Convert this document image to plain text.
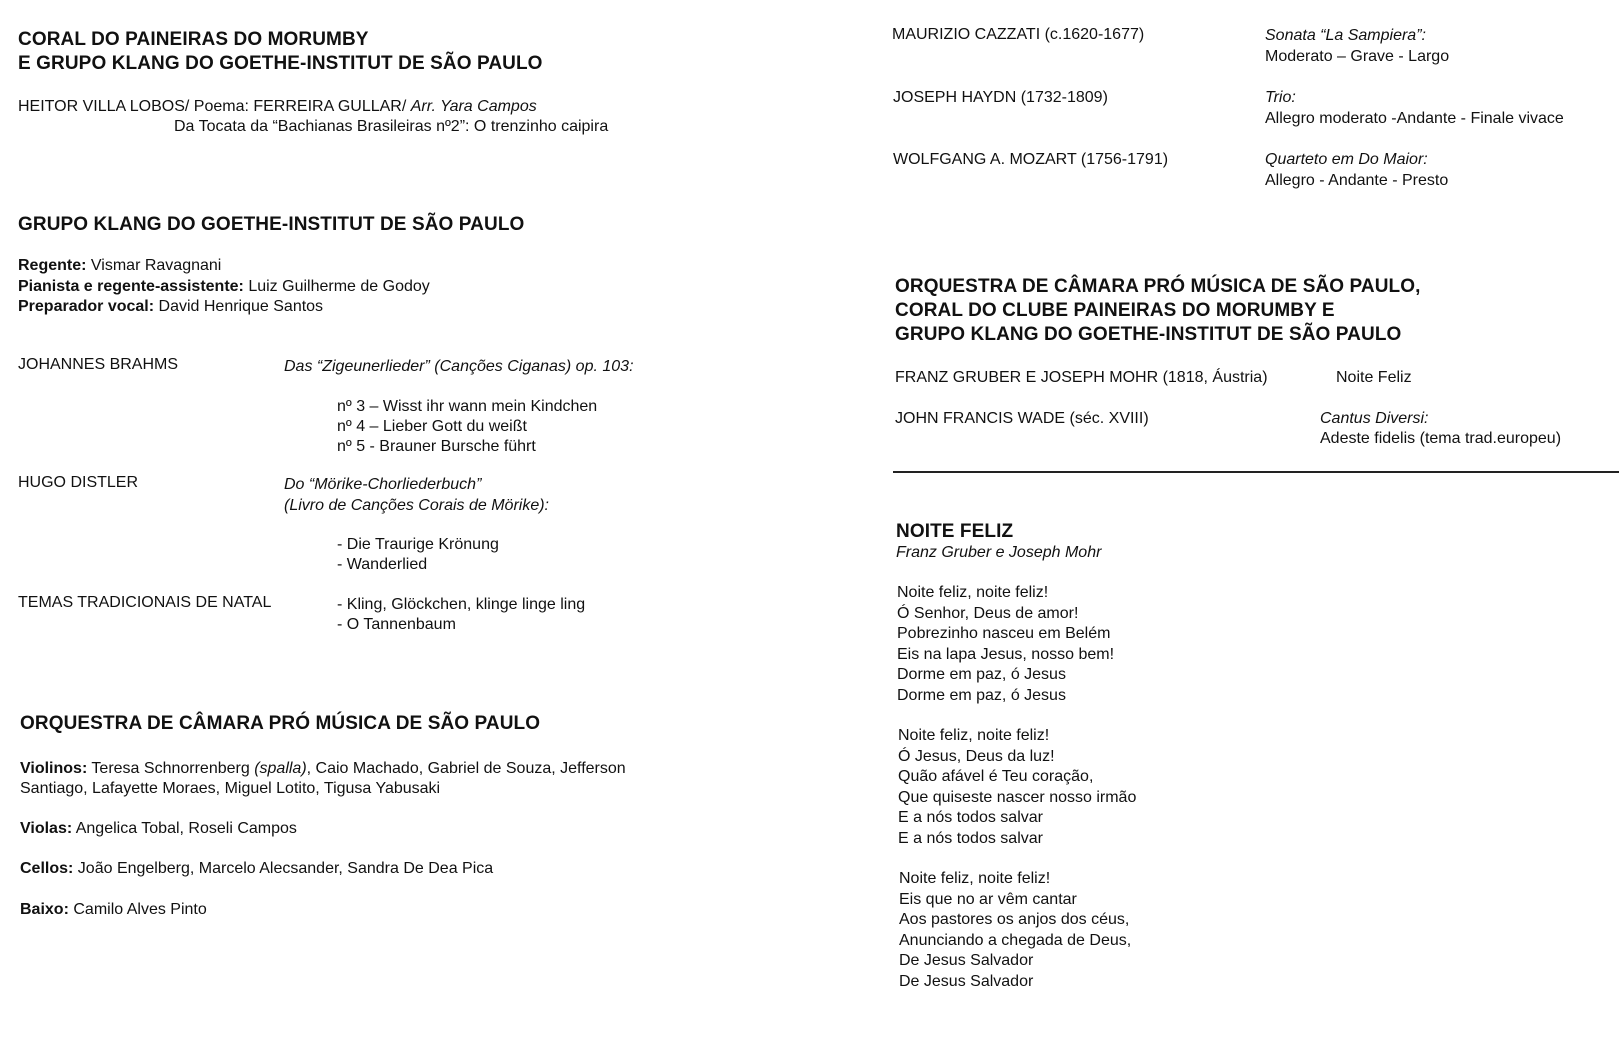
CORAL DO PAINEIRAS DO MORUMBY
E GRUPO KLANG DO GOETHE-INSTITUT DE SÃO PAULO
HEITOR VILLA LOBOS/ Poema: FERREIRA GULLAR/ Arr. Yara Campos
Da Tocata da “Bachianas Brasileiras nº2”: O trenzinho caipira
GRUPO KLANG DO GOETHE-INSTITUT DE SÃO PAULO
Regente: Vismar Ravagnani
Pianista e regente-assistente: Luiz Guilherme de Godoy
Preparador vocal: David Henrique Santos
JOHANNES BRAHMS	Das “Zigeunerlieder” (Canções Ciganas) op. 103:
nº 3 – Wisst ihr wann mein Kindchen
nº 4 – Lieber Gott du weißt
nº 5 - Brauner Bursche führt
HUGO DISTLER	Do “Mörike-Chorliederbuch”
(Livro de Canções Corais de Mörike):
- Die Traurige Krönung
- Wanderlied
TEMAS TRADICIONAIS DE NATAL	- Kling, Glöckchen, klinge linge ling
- O Tannenbaum
ORQUESTRA DE CÂMARA PRÓ MÚSICA DE SÃO PAULO
Violinos: Teresa Schnorrenberg (spalla), Caio Machado, Gabriel de Souza, Jefferson
Santiago, Lafayette Moraes, Miguel Lotito, Tigusa Yabusaki
Violas: Angelica Tobal, Roseli Campos
Cellos: João Engelberg, Marcelo Alecsander, Sandra De Dea Pica
Baixo: Camilo Alves Pinto
MAURIZIO CAZZATI (c.1620-1677)	Sonata “La Sampiera”:
Moderato – Grave - Largo
JOSEPH HAYDN (1732-1809)	Trio:
Allegro moderato -Andante - Finale vivace
WOLFGANG A. MOZART (1756-1791)	Quarteto em Do Maior:
Allegro - Andante - Presto
ORQUESTRA DE CÂMARA PRÓ MÚSICA DE SÃO PAULO,
CORAL DO CLUBE PAINEIRAS DO MORUMBY E
GRUPO KLANG DO GOETHE-INSTITUT DE SÃO PAULO
FRANZ GRUBER E JOSEPH MOHR (1818, Áustria)	Noite Feliz
JOHN FRANCIS WADE (séc. XVIII)	Cantus Diversi:
Adeste fidelis (tema trad.europeu)
NOITE FELIZ
Franz Gruber e Joseph Mohr
Noite feliz, noite feliz!
Ó Senhor, Deus de amor!
Pobrezinho nasceu em Belém
Eis na lapa Jesus, nosso bem!
Dorme em paz, ó Jesus
Dorme em paz, ó Jesus
Noite feliz, noite feliz!
Ó Jesus, Deus da luz!
Quão afável é Teu coração,
Que quiseste nascer nosso irmão
E a nós todos salvar
E a nós todos salvar
Noite feliz, noite feliz!
Eis que no ar vêm cantar
Aos pastores os anjos dos céus,
Anunciando a chegada de Deus,
De Jesus Salvador
De Jesus Salvador
